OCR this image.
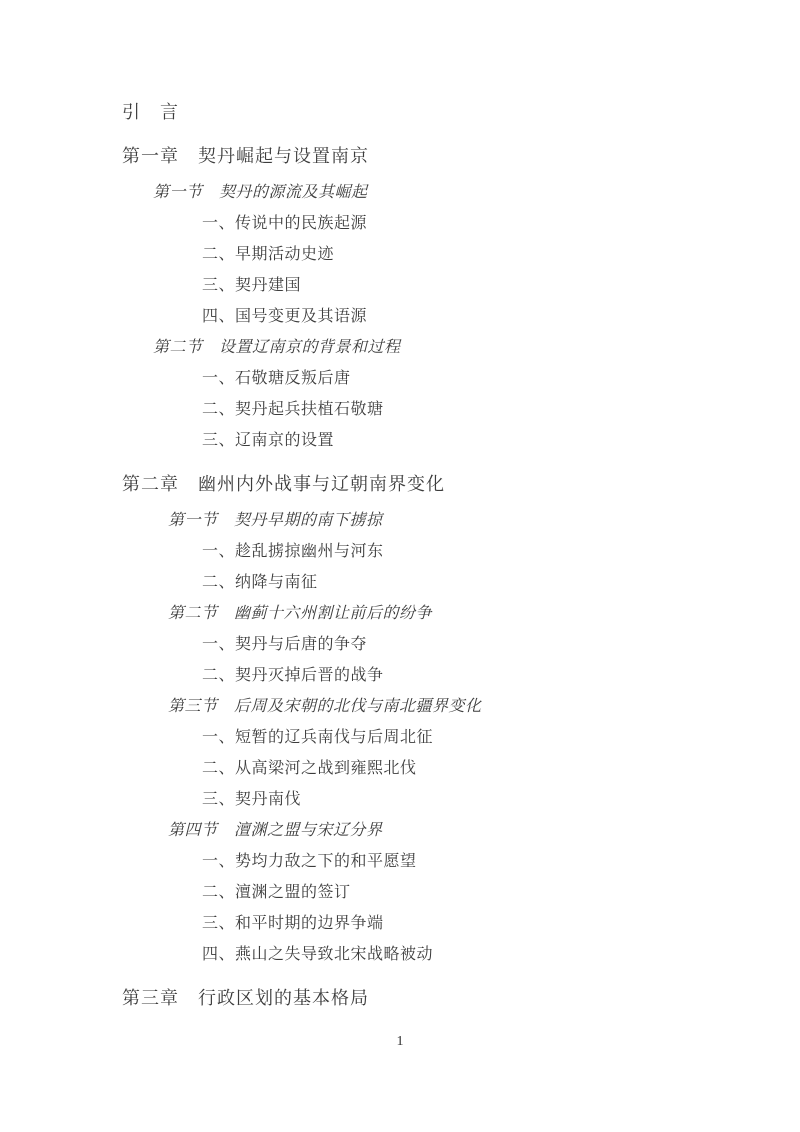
引　言
第一章　契丹崛起与设置南京
第一节　契丹的源流及其崛起
一、传说中的民族起源
二、早期活动史迹
三、契丹建国
四、国号变更及其语源
第二节　设置辽南京的背景和过程
一、石敬瑭反叛后唐
二、契丹起兵扶植石敬瑭
三、辽南京的设置
第二章　幽州内外战事与辽朝南界变化
第一节　契丹早期的南下掳掠
一、趁乱掳掠幽州与河东
二、纳降与南征
第二节　幽蓟十六州割让前后的纷争
一、契丹与后唐的争夺
二、契丹灭掉后晋的战争
第三节　后周及宋朝的北伐与南北疆界变化
一、短暂的辽兵南伐与后周北征
二、从高梁河之战到雍熙北伐
三、契丹南伐
第四节　澶渊之盟与宋辽分界
一、势均力敌之下的和平愿望
二、澶渊之盟的签订
三、和平时期的边界争端
四、燕山之失导致北宋战略被动
第三章　行政区划的基本格局
1
